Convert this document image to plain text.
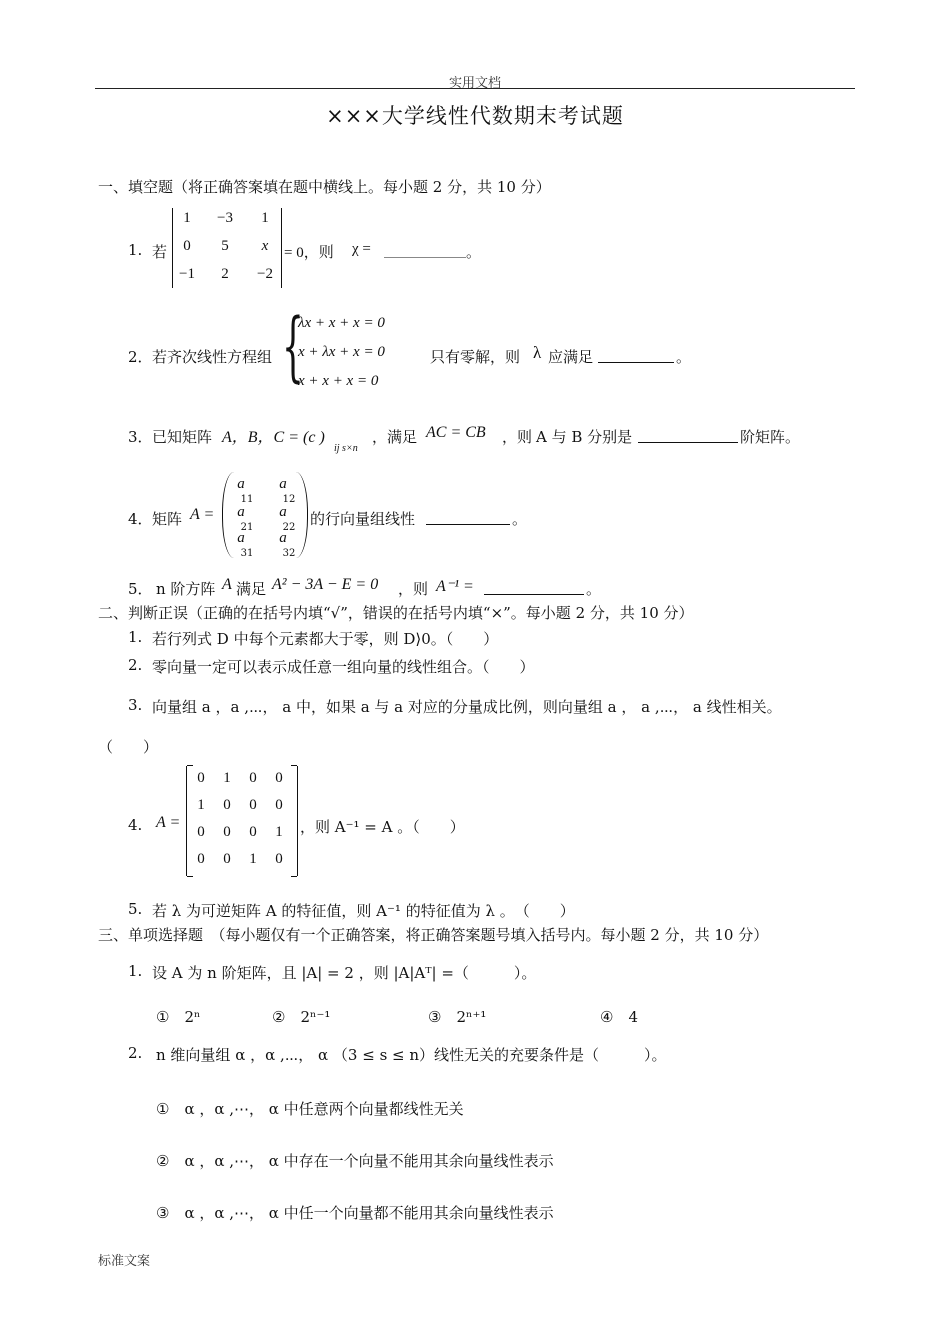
实用文档
×××大学线性代数期末考试题
一、填空题（将正确答案填在题中横线上。每小题 2 分，共 10 分）
1. 若
1	−3	1
0	5	x
−1	2	−2
= 0，则 χ =	。
2． 若齐次线性方程组 {
λx + x + x = 0
x + λx + x = 0
x + x + x = 0
只有零解，则 λ 应满足	。
3． 已知矩阵 A，B，C = (c )
ij s×n
，满足 AC = CB ，则 A 与 B 分别是	阶矩阵。
4． 矩阵 A =
a	a
11	12
a	a
21	22
a	a
31	32
的行向量组线性	。
5． n 阶方阵 A 满足 A² − 3A − E = 0 ，则 A⁻¹ =	。
二、判断正误（正确的在括号内填“√”，错误的在括号内填“×”。每小题 2 分，共 10 分）
1. 若行列式 D 中每个元素都大于零，则 D⟩0。（　　）
2. 零向量一定可以表示成任意一组向量的线性组合。（　　）
3. 向量组 a ，a ,⋯， a 中，如果 a 与 a 对应的分量成比例，则向量组 a ， a ,⋯， a 线性相关。
（　　）
4. A =
0	1	0	0
1	0	0	0
0	0	0	1
0	0	1	0
，则 A⁻¹ = A 。（　　）
5. 若 λ 为可逆矩阵 A 的特征值，则 A⁻¹ 的特征值为 λ 。　（　　）
三、单项选择题　（每小题仅有一个正确答案，将正确答案题号填入括号内。每小题 2 分，共 10 分）
1. 设 A 为 n 阶矩阵，且 |A| = 2 ，则 |A|Aᵀ| =（　　　）。
①　2ⁿ	②　2ⁿ⁻¹	③　2ⁿ⁺¹	④　4
2. n 维向量组 α ，α ,⋯， α （3 ≤ s ≤ n）线性无关的充要条件是（　　　）。
①　α ，α ,⋯， α 中任意两个向量都线性无关
②　α ，α ,⋯， α 中存在一个向量不能用其余向量线性表示
③　α ，α ,⋯， α 中任一个向量都不能用其余向量线性表示
标准文案
